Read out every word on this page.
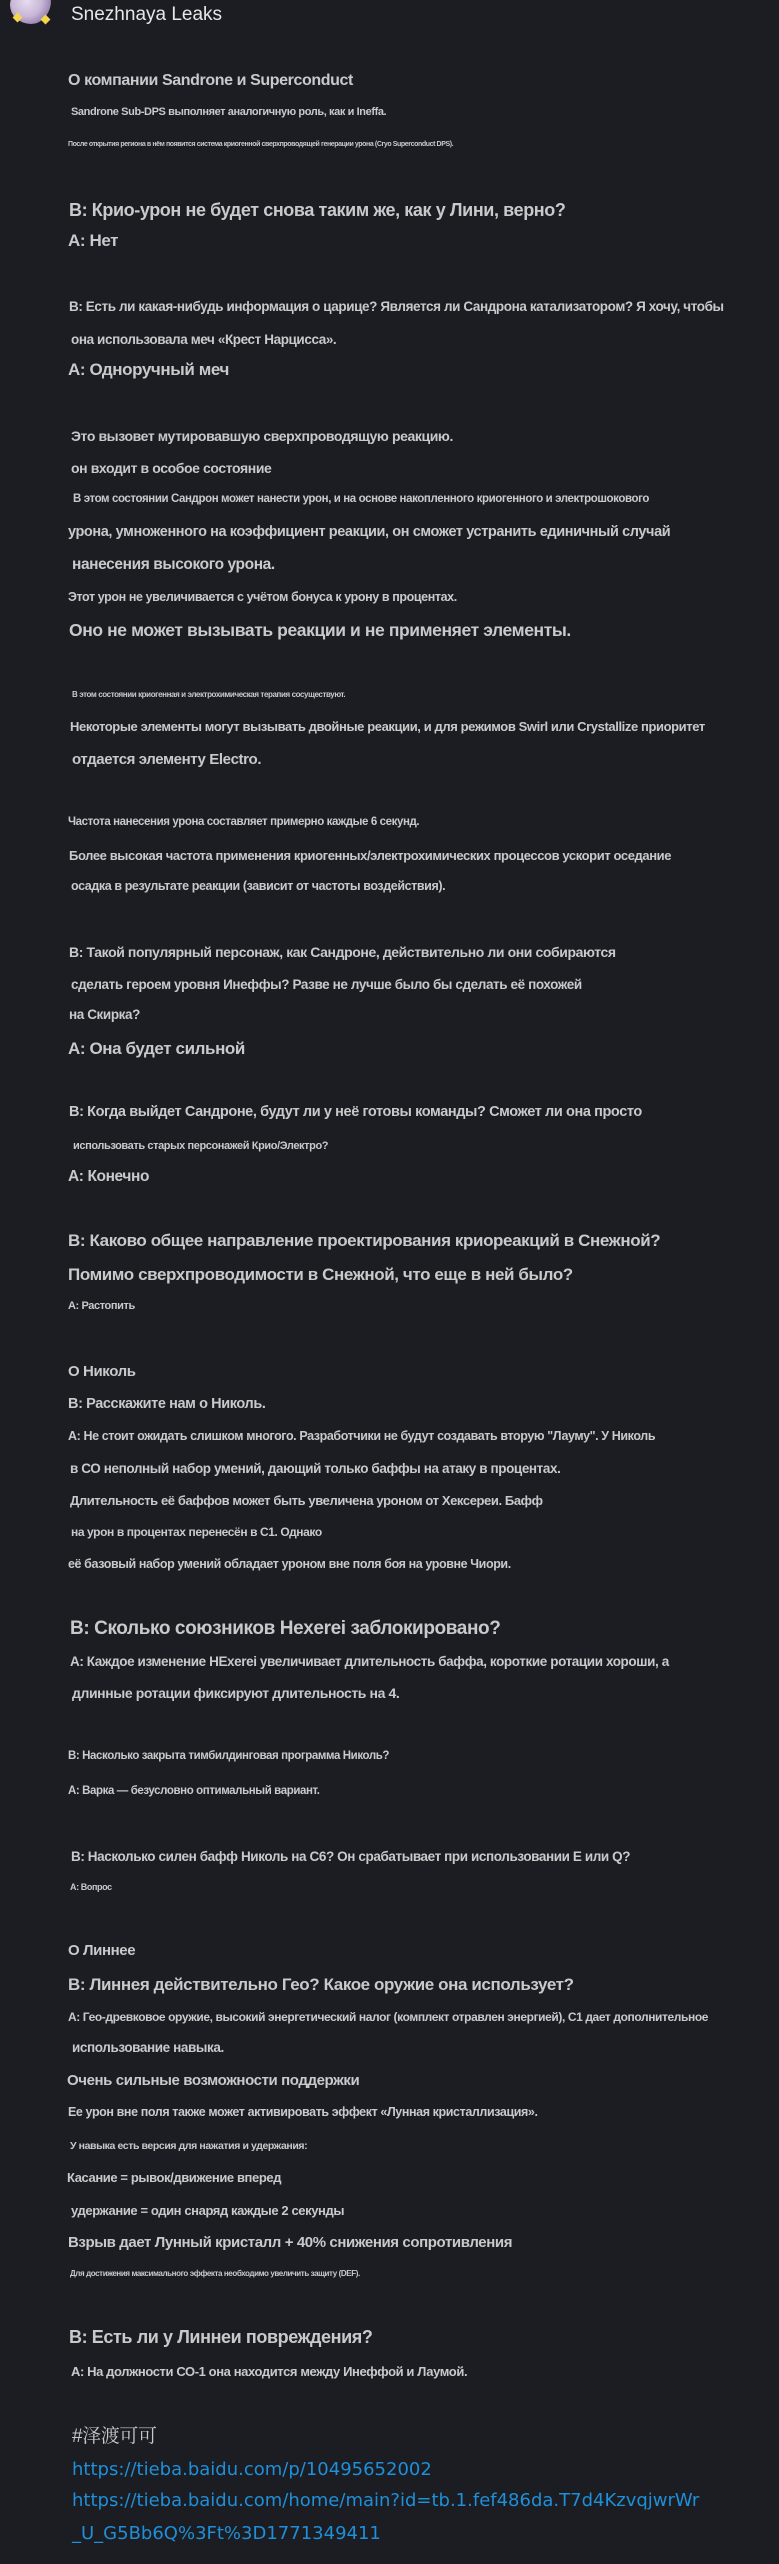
Snezhnaya Leaks
О компании Sandrone и Superconduct
Sandrone Sub-DPS выполняет аналогичную роль, как и Ineffa.
После открытия региона в нём появится система криогенной сверхпроводящей генерации урона (Cryo Superconduct DPS).
В: Крио-урон не будет снова таким же, как у Лини, верно?
А: Нет
В: Есть ли какая-нибудь информация о царице? Является ли Сандрона катализатором? Я хочу, чтобы
она использовала меч «Крест Нарцисса».
А: Одноручный меч
Это вызовет мутировавшую сверхпроводящую реакцию.
он входит в особое состояние
В этом состоянии Сандрон может нанести урон, и на основе накопленного криогенного и электрошокового
урона, умноженного на коэффициент реакции, он сможет устранить единичный случай
нанесения высокого урона.
Этот урон не увеличивается с учётом бонуса к урону в процентах.
Оно не может вызывать реакции и не применяет элементы.
В этом состоянии криогенная и электрохимическая терапия сосуществуют.
Некоторые элементы могут вызывать двойные реакции, и для режимов Swirl или Crystallize приоритет
отдается элементу Electro.
Частота нанесения урона составляет примерно каждые 6 секунд.
Более высокая частота применения криогенных/электрохимических процессов ускорит оседание
осадка в результате реакции (зависит от частоты воздействия).
В: Такой популярный персонаж, как Сандроне, действительно ли они собираются
сделать героем уровня Инеффы? Разве не лучше было бы сделать её похожей
на Скирка?
А: Она будет сильной
В: Когда выйдет Сандроне, будут ли у неё готовы команды? Сможет ли она просто
использовать старых персонажей Крио/Электро?
А: Конечно
В: Каково общее направление проектирования криореакций в Снежной?
Помимо сверхпроводимости в Снежной, что еще в ней было?
А: Растопить
О Николь
В: Расскажите нам о Николь.
А: Не стоит ожидать слишком многого. Разработчики не будут создавать вторую "Лауму". У Николь
в СО неполный набор умений, дающий только баффы на атаку в процентах.
Длительность её баффов может быть увеличена уроном от Хексереи. Бафф
на урон в процентах перенесён в С1. Однако
её базовый набор умений обладает уроном вне поля боя на уровне Чиори.
В: Сколько союзников Hexerei заблокировано?
А: Каждое изменение HExerei увеличивает длительность баффа, короткие ротации хороши, а
длинные ротации фиксируют длительность на 4.
В: Насколько закрыта тимбилдинговая программа Николь?
А: Варка — безусловно оптимальный вариант.
В: Насколько силен бафф Николь на С6? Он срабатывает при использовании E или Q?
А: Вопрос
О Линнее
В: Линнея действительно Гео? Какое оружие она использует?
А: Гео-древковое оружие, высокий энергетический налог (комплект отравлен энергией), С1 дает дополнительное
использование навыка.
Очень сильные возможности поддержки
Ее урон вне поля также может активировать эффект «Лунная кристаллизация».
У навыка есть версия для нажатия и удержания:
Касание = рывок/движение вперед
удержание = один снаряд каждые 2 секунды
Взрыв дает Лунный кристалл + 40% снижения сопротивления
Для достижения максимального эффекта необходимо увеличить защиту (DEF).
В: Есть ли у Линнеи повреждения?
А: На должности СО-1 она находится между Инеффой и Лаумой.
#泽渡可可
https://tieba.baidu.com/p/10495652002
https://tieba.baidu.com/home/main?id=tb.1.fef486da.T7d4KzvqjwrWr
_U_G5Bb6Q%3Ft%3D1771349411
